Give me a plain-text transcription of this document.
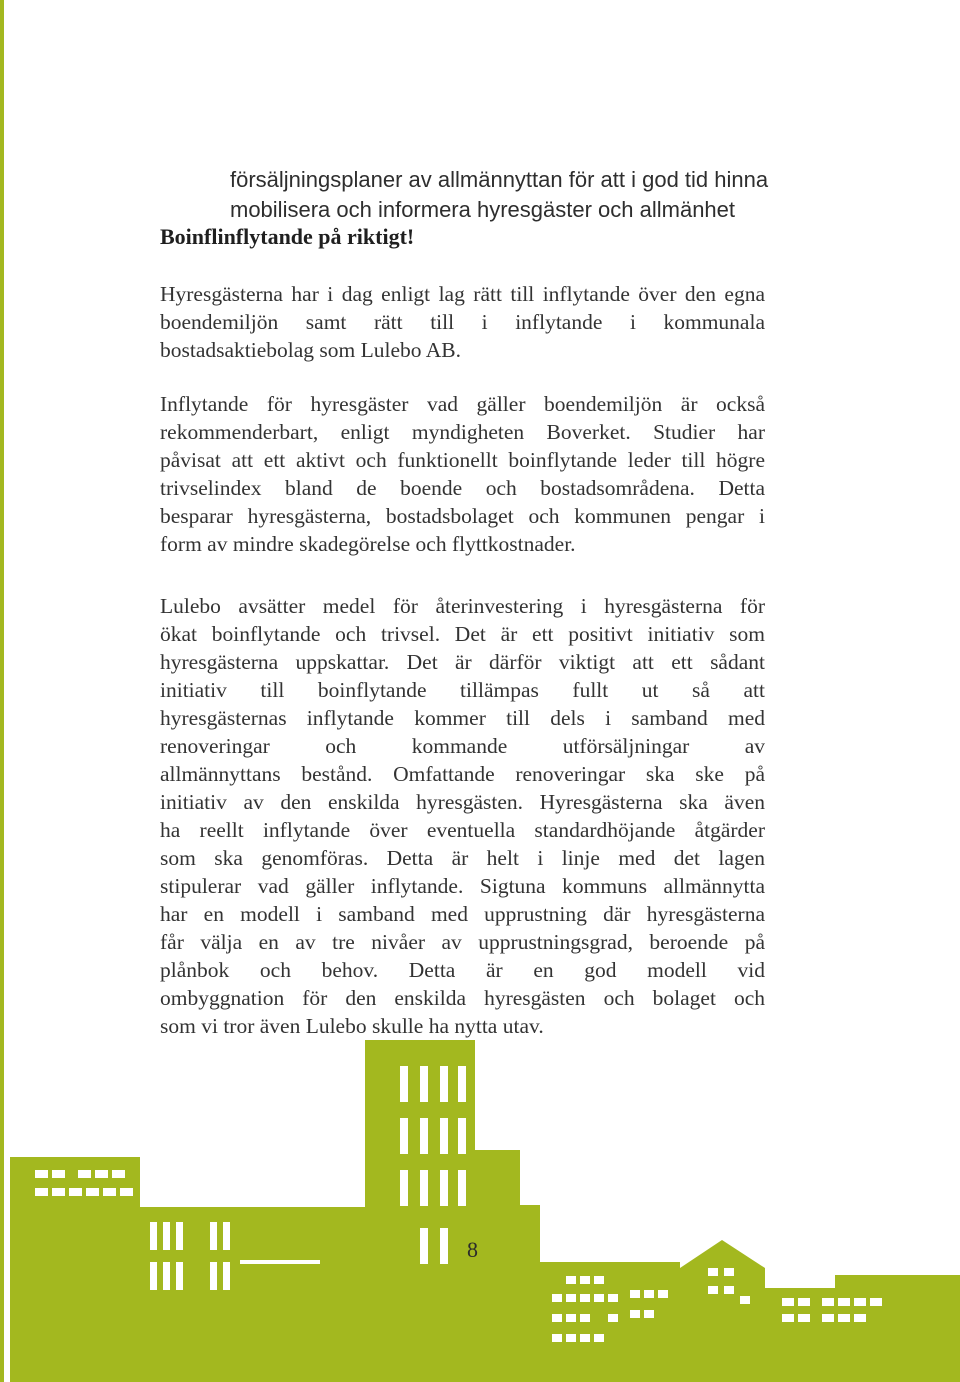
försäljningsplaner av allmännyttan för att i god tid hinna
mobilisera och informera hyresgäster och allmänhet
Boinflinflytande på riktigt!
Hyresgästerna har i dag enligt lag rätt till inflytande över den egna
boendemiljön samt rätt till i inflytande i kommunala
bostadsaktiebolag som Lulebo AB.
Inflytande för hyresgäster vad gäller boendemiljön är också
rekommenderbart, enligt myndigheten Boverket. Studier har
påvisat att ett aktivt och funktionellt boinflytande leder till högre
trivselindex bland de boende och bostadsområdena. Detta
besparar hyresgästerna, bostadsbolaget och kommunen pengar i
form av mindre skadegörelse och flyttkostnader.
Lulebo avsätter medel för återinvestering i hyresgästerna för
ökat boinflytande och trivsel. Det är ett positivt initiativ som
hyresgästerna uppskattar. Det är därför viktigt att ett sådant
initiativ till boinflytande tillämpas fullt ut så att
hyresgästernas inflytande kommer till dels i samband med
renoveringar och kommande utförsäljningar av
allmännyttans bestånd. Omfattande renoveringar ska ske på
initiativ av den enskilda hyresgästen. Hyresgästerna ska även
ha reellt inflytande över eventuella standardhöjande åtgärder
som ska genomföras. Detta är helt i linje med det lagen
stipulerar vad gäller inflytande. Sigtuna kommuns allmännytta
har en modell i samband med upprustning där hyresgästerna
får välja en av tre nivåer av upprustningsgrad, beroende på
plånbok och behov. Detta är en god modell vid
ombyggnation för den enskilda hyresgästen och bolaget och
som vi tror även Lulebo skulle ha nytta utav.
8
